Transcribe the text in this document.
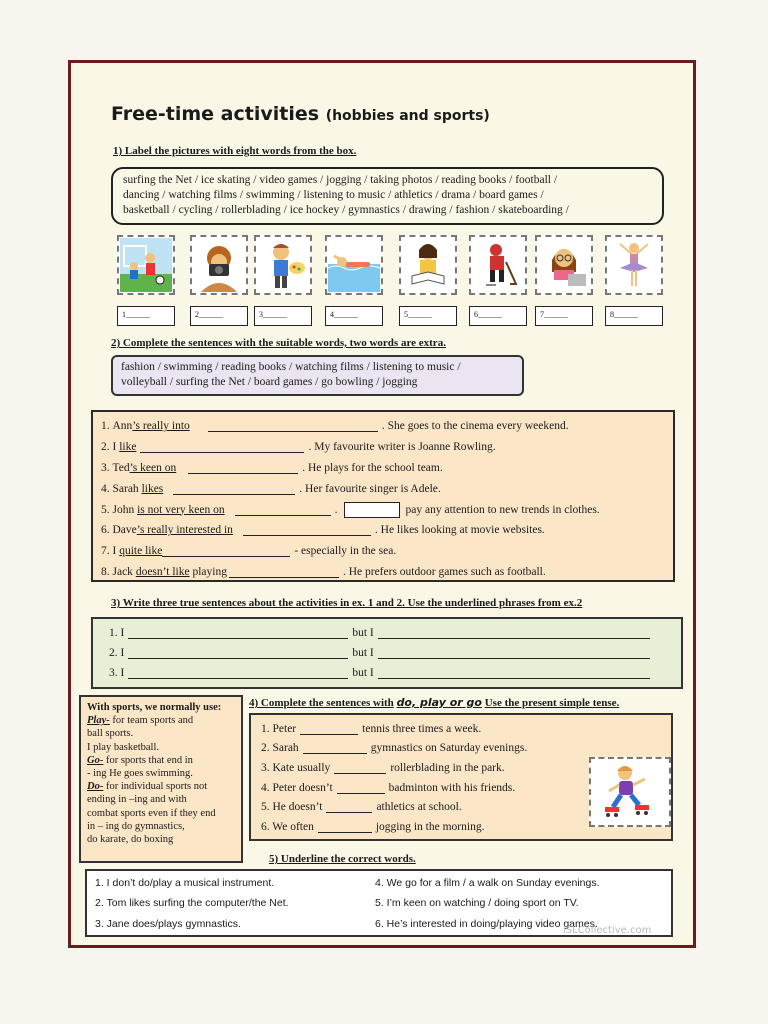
Free-time activities (hobbies and sports)
1) Label the pictures with eight words from the box.
surfing the Net / ice skating / video games / jogging / taking photos / reading books / football /
dancing / watching films / swimming / listening to music / athletics / drama / board games /
basketball / cycling / rollerblading / ice hockey / gymnastics / drawing / fashion / skateboarding /
1______	2______	3______	4______	5______	6______	7______	8______
2) Complete the sentences with the suitable words, two words are extra.
fashion / swimming / reading books / watching films / listening to music /
volleyball / surfing the Net / board games / go bowling / jogging
1.
Ann ’s really into	. She goes to the cinema every weekend.
2.
I
like	. My favourite writer is Joanne Rowling.
3.
Ted ’s keen on	. He plays for the school team.
4.
Sarah
likes	. Her favourite singer is Adele.
5.
John
is not very keen on	.	pay any attention to new trends in clothes.
6.
Dave ’s really interested in	. He likes looking at movie websites.
7.
I
quite like	- especially in the sea.
8.
Jack
doesn’t like
playing	. He prefers outdoor games such as football.
3) Write three true sentences about the activities in ex. 1 and 2. Use the underlined phrases from ex.2
1. I	but I
2. I	but I
3. I	but I
With sports, we normally use:
Play- for team sports and
ball sports.
I play basketball.
Go- for sports that end in
- ing He goes swimming.
Do- for individual sports not
ending in –ing and with
combat sports even if they end
in – ing do gymnastics,
do karate, do boxing
4) Complete the sentences with do, play or go Use the present simple tense.
1. Peter	tennis three times a week.
2. Sarah	gymnastics on Saturday evenings.
3. Kate usually	rollerblading in the park.
4. Peter doesn’t	badminton with his friends.
5. He doesn’t	athletics at school.
6. We often	jogging in the morning.
5) Underline the correct words.
1. I don’t do/play a musical instrument.
2. Tom likes surfing the computer/the Net.
3. Jane does/plays gymnastics.
4. We go for a film / a walk on Sunday evenings.
5. I’m keen on watching / doing sport on TV.
6. He’s interested in doing/playing video games.
iSLCollective.com
